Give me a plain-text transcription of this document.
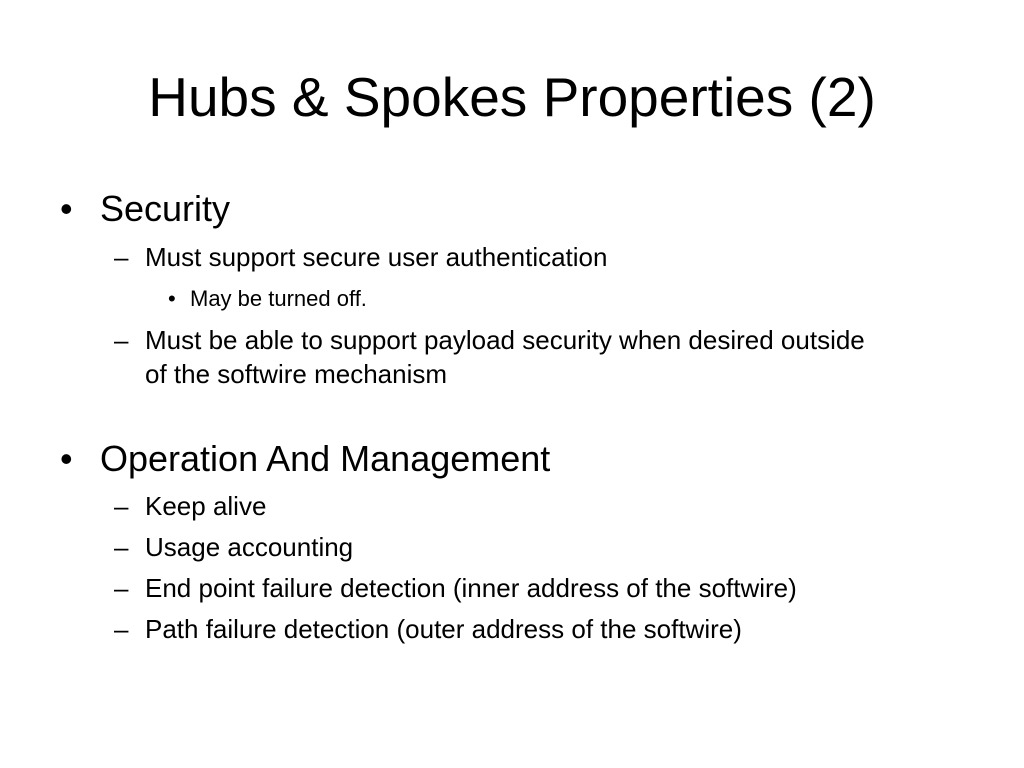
Hubs & Spokes Properties (2)
• Security
– Must support secure user authentication
• May be turned off.
– Must be able to support payload security when desired outside
of the softwire mechanism
• Operation And Management
– Keep alive
– Usage accounting
– End point failure detection (inner address of the softwire)
– Path failure detection (outer address of the softwire)
